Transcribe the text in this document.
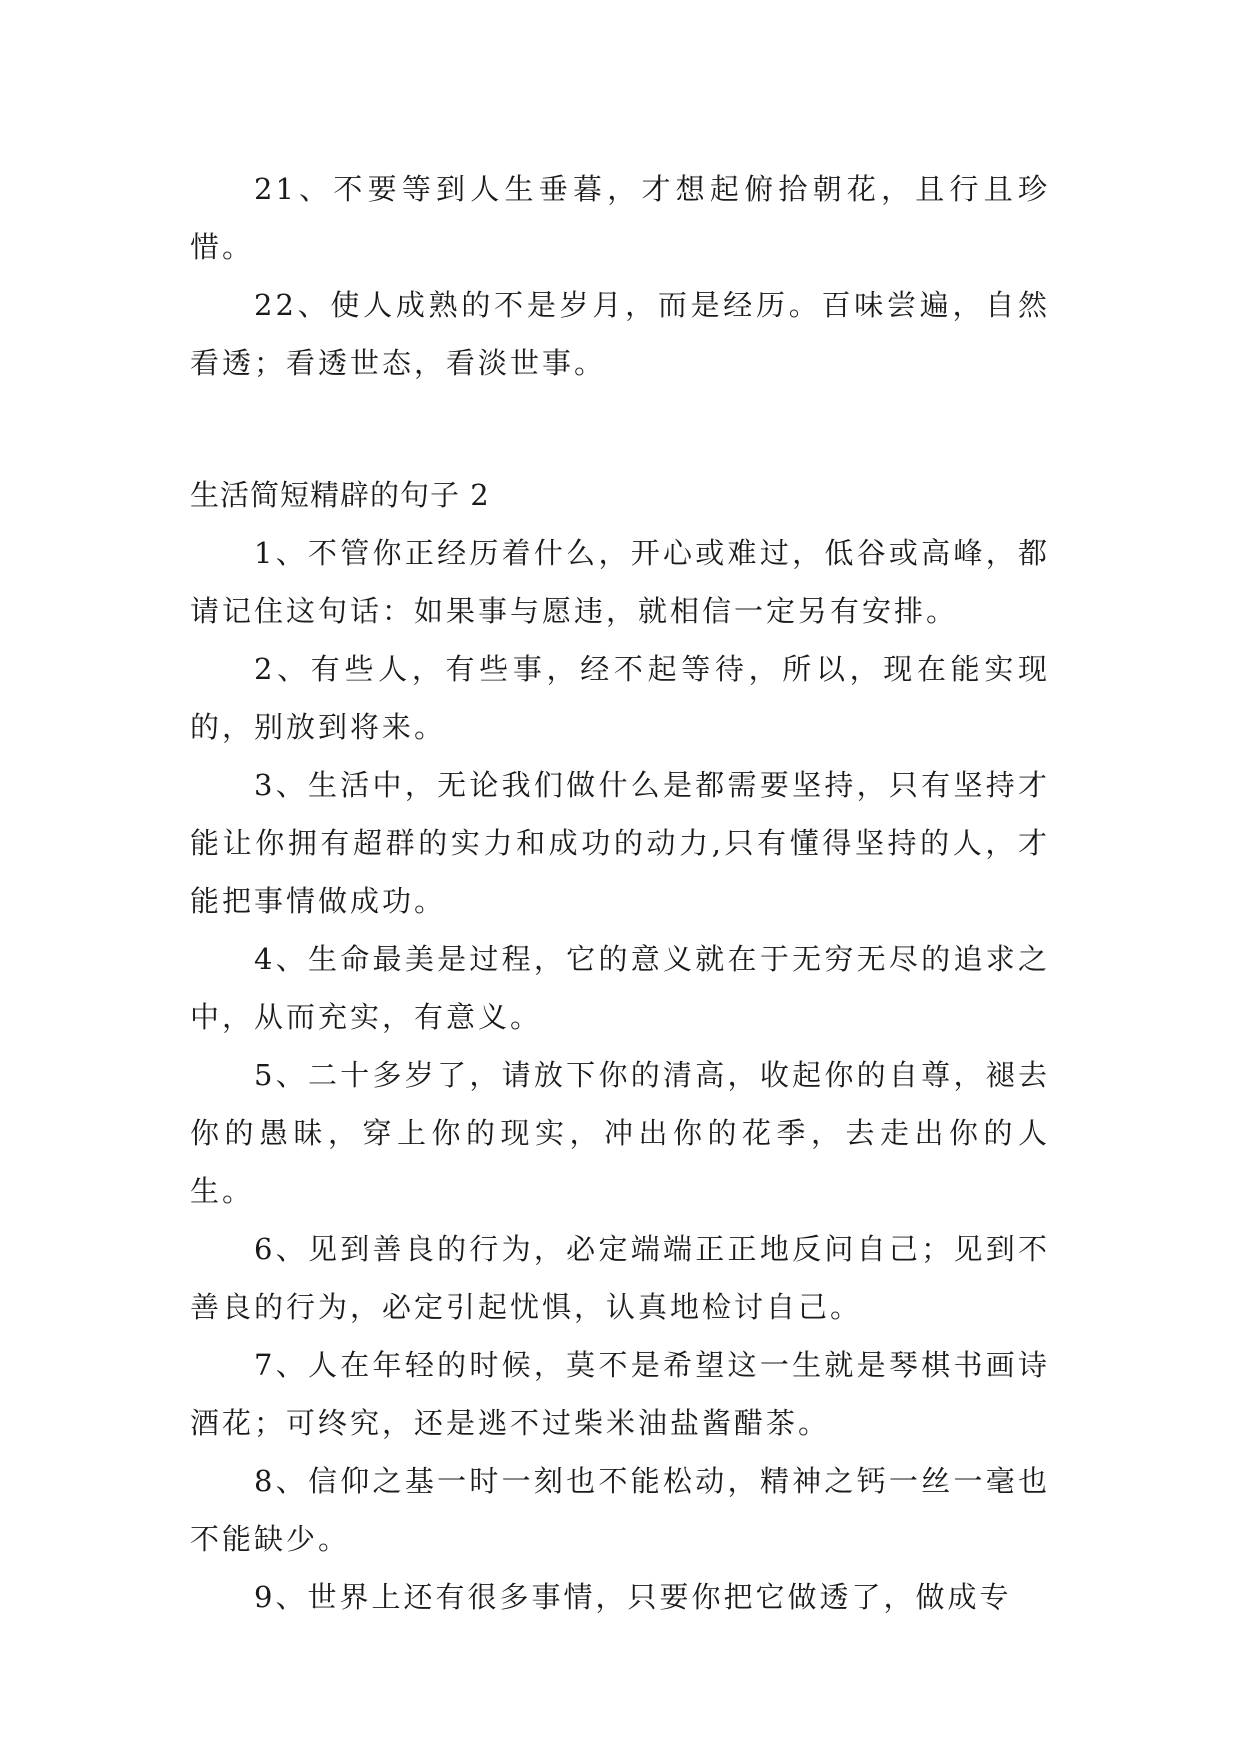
21、不要等到人生垂暮，才想起俯拾朝花，且行且珍惜。

22、使人成熟的不是岁月，而是经历。百味尝遍，自然看透；看透世态，看淡世事。

生活简短精辟的句子 2

1、不管你正经历着什么，开心或难过，低谷或高峰，都请记住这句话：如果事与愿违，就相信一定另有安排。

2、有些人，有些事，经不起等待，所以，现在能实现的，别放到将来。

3、生活中，无论我们做什么是都需要坚持，只有坚持才能让你拥有超群的实力和成功的动力,只有懂得坚持的人，才能把事情做成功。

4、生命最美是过程，它的意义就在于无穷无尽的追求之中，从而充实，有意义。

5、二十多岁了，请放下你的清高，收起你的自尊，褪去你的愚昧，穿上你的现实，冲出你的花季，去走出你的人生。

6、见到善良的行为，必定端端正正地反问自己；见到不善良的行为，必定引起忧惧，认真地检讨自己。

7、人在年轻的时候，莫不是希望这一生就是琴棋书画诗酒花；可终究，还是逃不过柴米油盐酱醋茶。

8、信仰之基一时一刻也不能松动，精神之钙一丝一毫也不能缺少。

9、世界上还有很多事情，只要你把它做透了，做成专
